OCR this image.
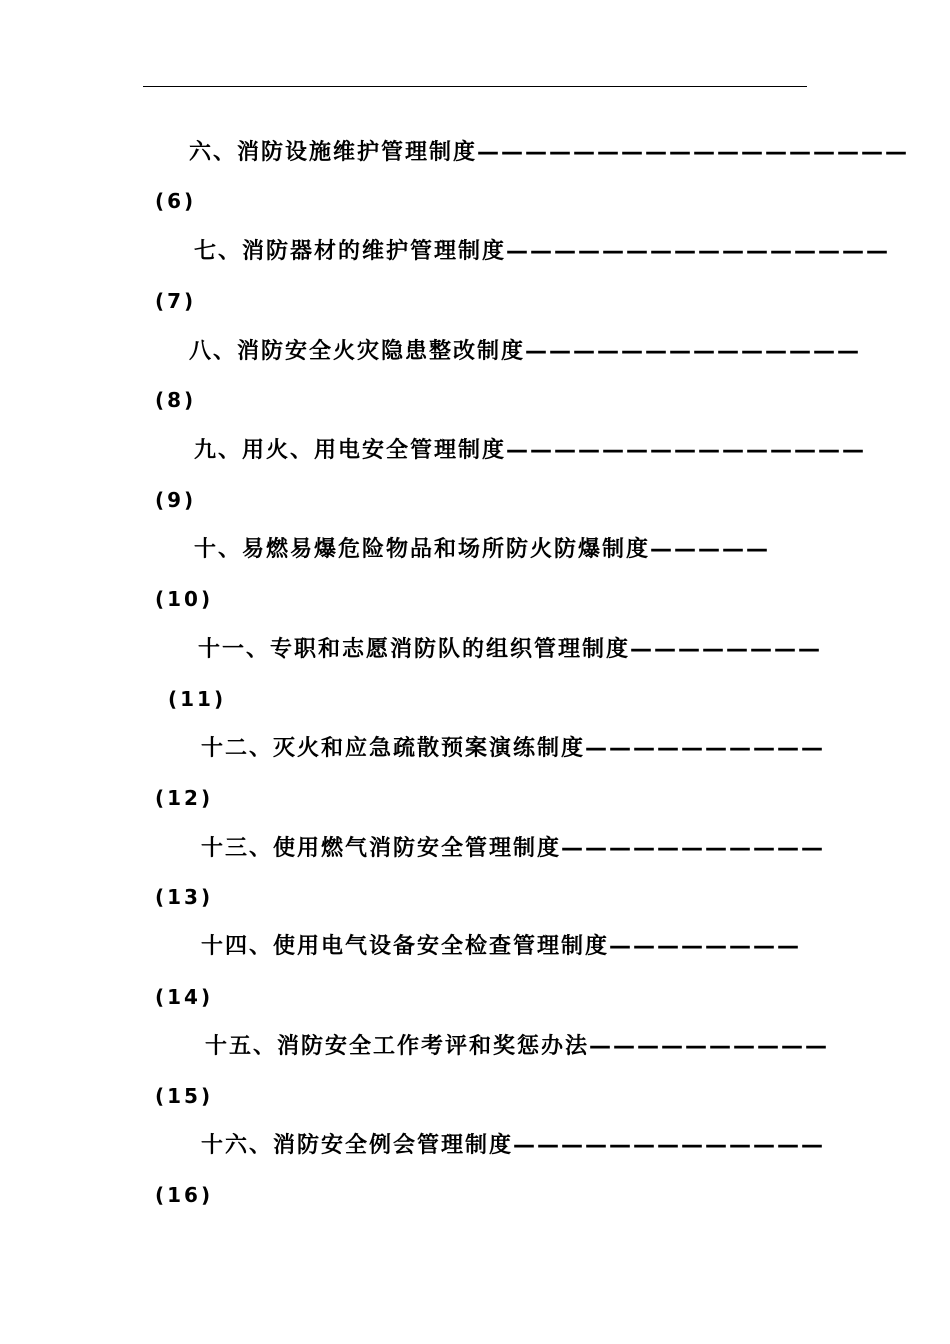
六、消防设施维护管理制度——————————————————
(6)
七、消防器材的维护管理制度————————————————
(7)
八、消防安全火灾隐患整改制度——————————————
(8)
九、用火、用电安全管理制度———————————————
(9)
十、易燃易爆危险物品和场所防火防爆制度—————
(10)
十一、专职和志愿消防队的组织管理制度————————
(11)
十二、灭火和应急疏散预案演练制度——————————
(12)
十三、使用燃气消防安全管理制度———————————
(13)
十四、使用电气设备安全检查管理制度————————
(14)
十五、消防安全工作考评和奖惩办法——————————
(15)
十六、消防安全例会管理制度—————————————
(16)
